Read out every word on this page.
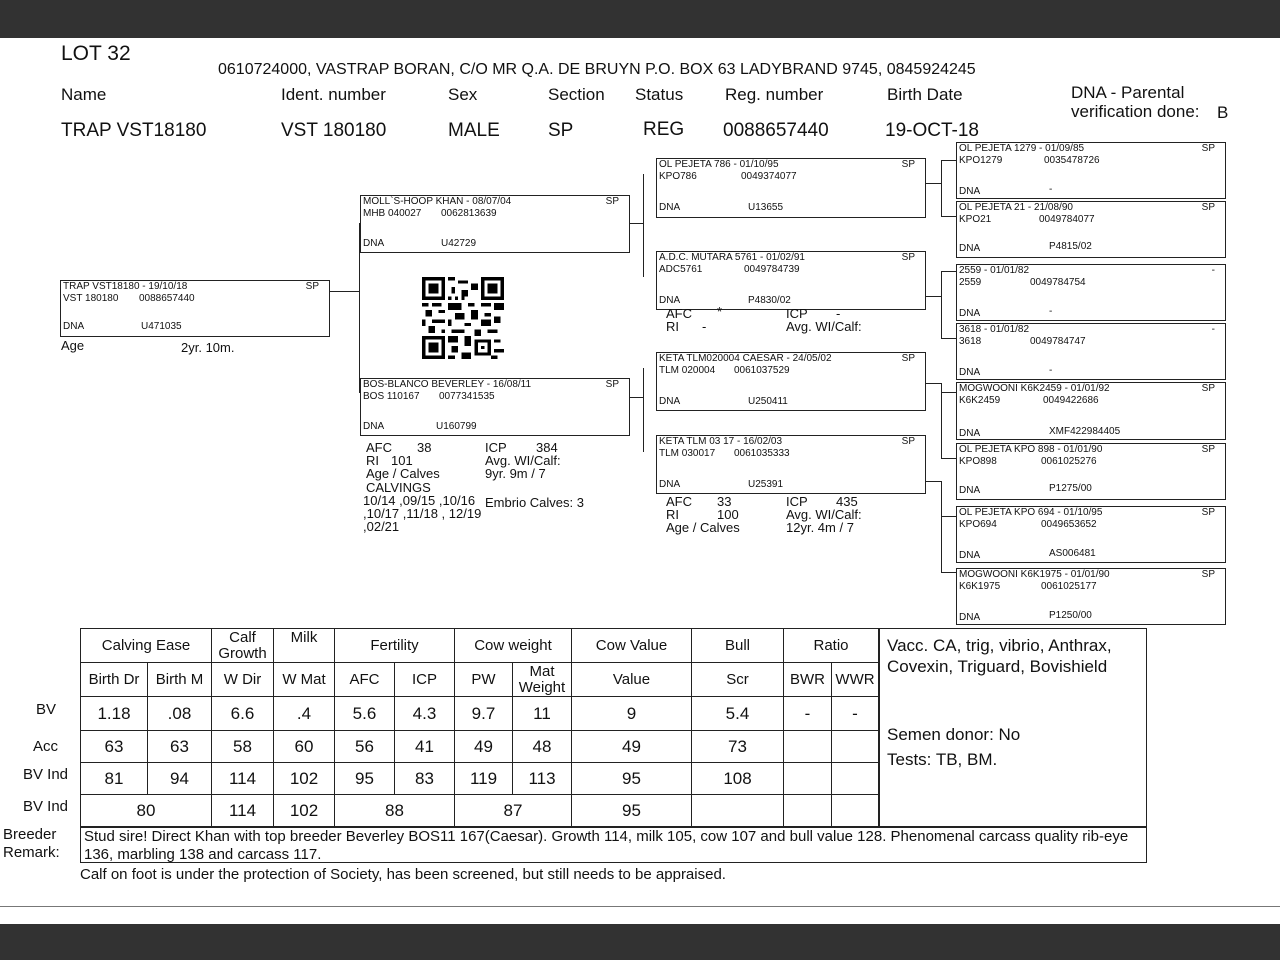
LOT 32
0610724000, VASTRAP BORAN, C/O MR Q.A. DE BRUYN P.O. BOX 63 LADYBRAND 9745, 0845924245
Name	Ident. number	Sex	Section Status Reg. number	Birth Date	DNA - Parental verification done:	B
TRAP VST18180	VST 180180	MALE	SP	REG 0088657440	19-OCT-18
TRAP VST18180 - 19/10/18	SP
VST 180180 0088657440
DNA	U471035
Age	2yr. 10m.
MOLL`S-HOOP KHAN - 08/07/04	SP
MHB 040027 0062813639
DNA	U42729
BOS-BLANCO BEVERLEY - 16/08/11	SP
BOS 110167 0077341535
DNA	U160799
AFC 38	ICP 384
RI 101	Avg. WI/Calf:
Age / Calves	9yr. 9m / 7
CALVINGS
10/14 ,09/15 ,10/16 ,10/17 ,11/18 , 12/19 ,02/21
Embrio Calves: 3
OL PEJETA 786 - 01/10/95	SP
KPO786	0049374077
DNA	U13655
A.D.C. MUTARA 5761 - 01/02/91	SP
ADC5761	0049784739
DNA	P4830/02
AFC *	ICP -
RI -	Avg. WI/Calf:
KETA TLM020004 CAESAR - 24/05/02	SP
TLM 020004 0061037529
DNA	U250411
KETA TLM 03 17 - 16/02/03	SP
TLM 030017 0061035333
DNA	U25391
AFC 33	ICP 435
RI	100	Avg. WI/Calf:
Age / Calves	12yr. 4m / 7
OL PEJETA 1279 - 01/09/85	SP
KPO1279	0035478726
DNA	-
OL PEJETA 21 - 21/08/90	SP
KPO21	0049784077
DNA	P4815/02
2559 - 01/01/82	-
2559	0049784754
DNA	-
3618 - 01/01/82	-
3618	0049784747
DNA	-
MOGWOONI K6K2459 - 01/01/92	SP
K6K2459	0049422686
DNA	XMF422984405
OL PEJETA KPO 898 - 01/01/90	SP
KPO898	0061025276
DNA	P1275/00
OL PEJETA KPO 694 - 01/10/95	SP
KPO694	0049653652
DNA	AS006481
MOGWOONI K6K1975 - 01/01/90	SP
K6K1975	0061025177
DNA	P1250/00
BV
Acc
BV Ind
BV Ind
Calving Ease		Calf Growth	Milk	Fertility		Cow weight		Cow Value	Bull	Ratio	
Birth Dr	Birth M	W Dir	W Mat	AFC	ICP	PW	Mat Weight	Value	Scr	BWR	WWR
1.18	.08	6.6	.4	5.6	4.3	9.7	11	9	5.4	-	-
63	63	58	60	56	41	49	48	49	73		
81	94	114	102	95	83	119	113	95	108		
80		114	102	88		87		95			
Vacc. CA, trig, vibrio, Anthrax, Covexin, Triguard, Bovishield
Semen donor: No
Tests: TB, BM.
Breeder Remark:
Stud sire! Direct Khan with top breeder Beverley BOS11 167(Caesar). Growth 114, milk 105, cow 107 and bull value 128. Phenomenal carcass quality rib-eye 136, marbling 138 and carcass 117.
Calf on foot is under the protection of Society, has been screened, but still needs to be appraised.
